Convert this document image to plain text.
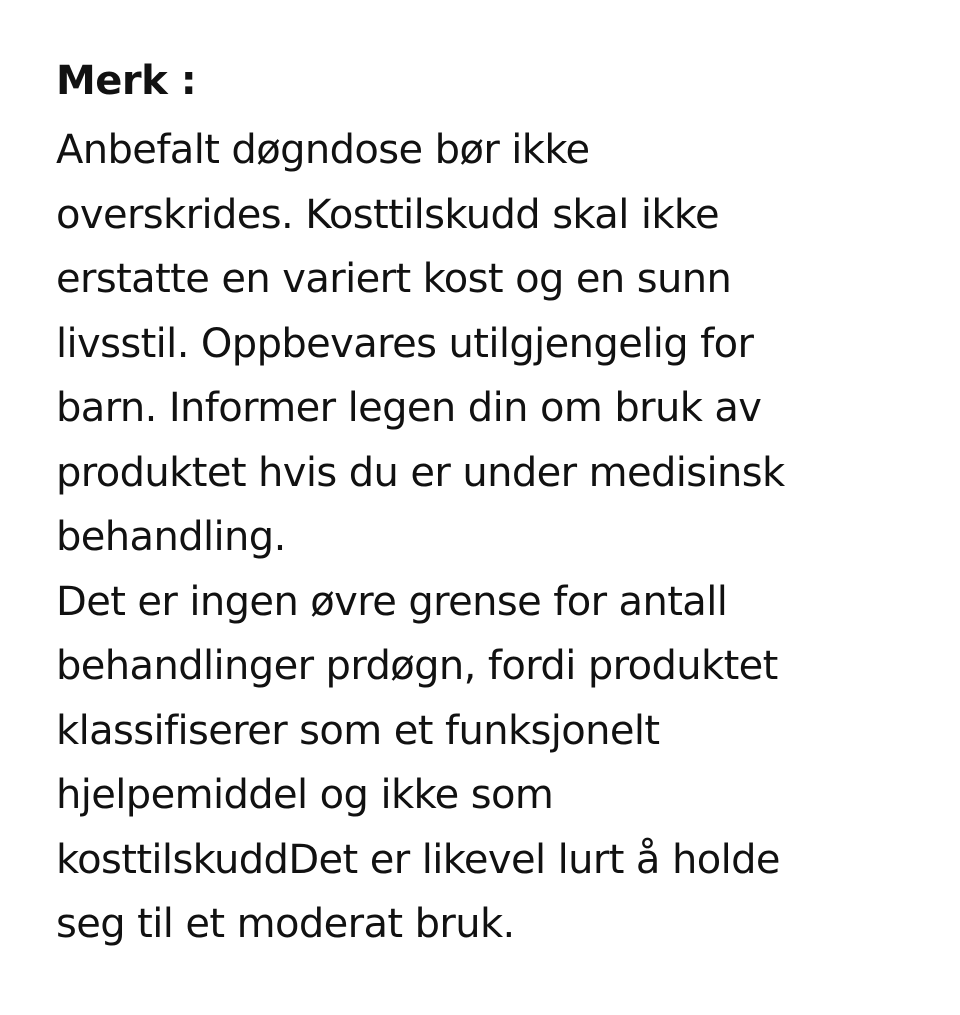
Merk :

Anbefalt døgndose bør ikke

overskrides. Kosttilskudd skal ikke

erstatte en variert kost og en sunn

livsstil. Oppbevares utilgjengelig for

barn. Informer legen din om bruk av

produktet hvis du er under medisinsk

behandling.

Det er ingen øvre grense for antall

behandlinger prdøgn, fordi produktet

klassifiserer som et funksjonelt

hjelpemiddel og ikke som

kosttilskuddDet er likevel lurt å holde

seg til et moderat bruk.
